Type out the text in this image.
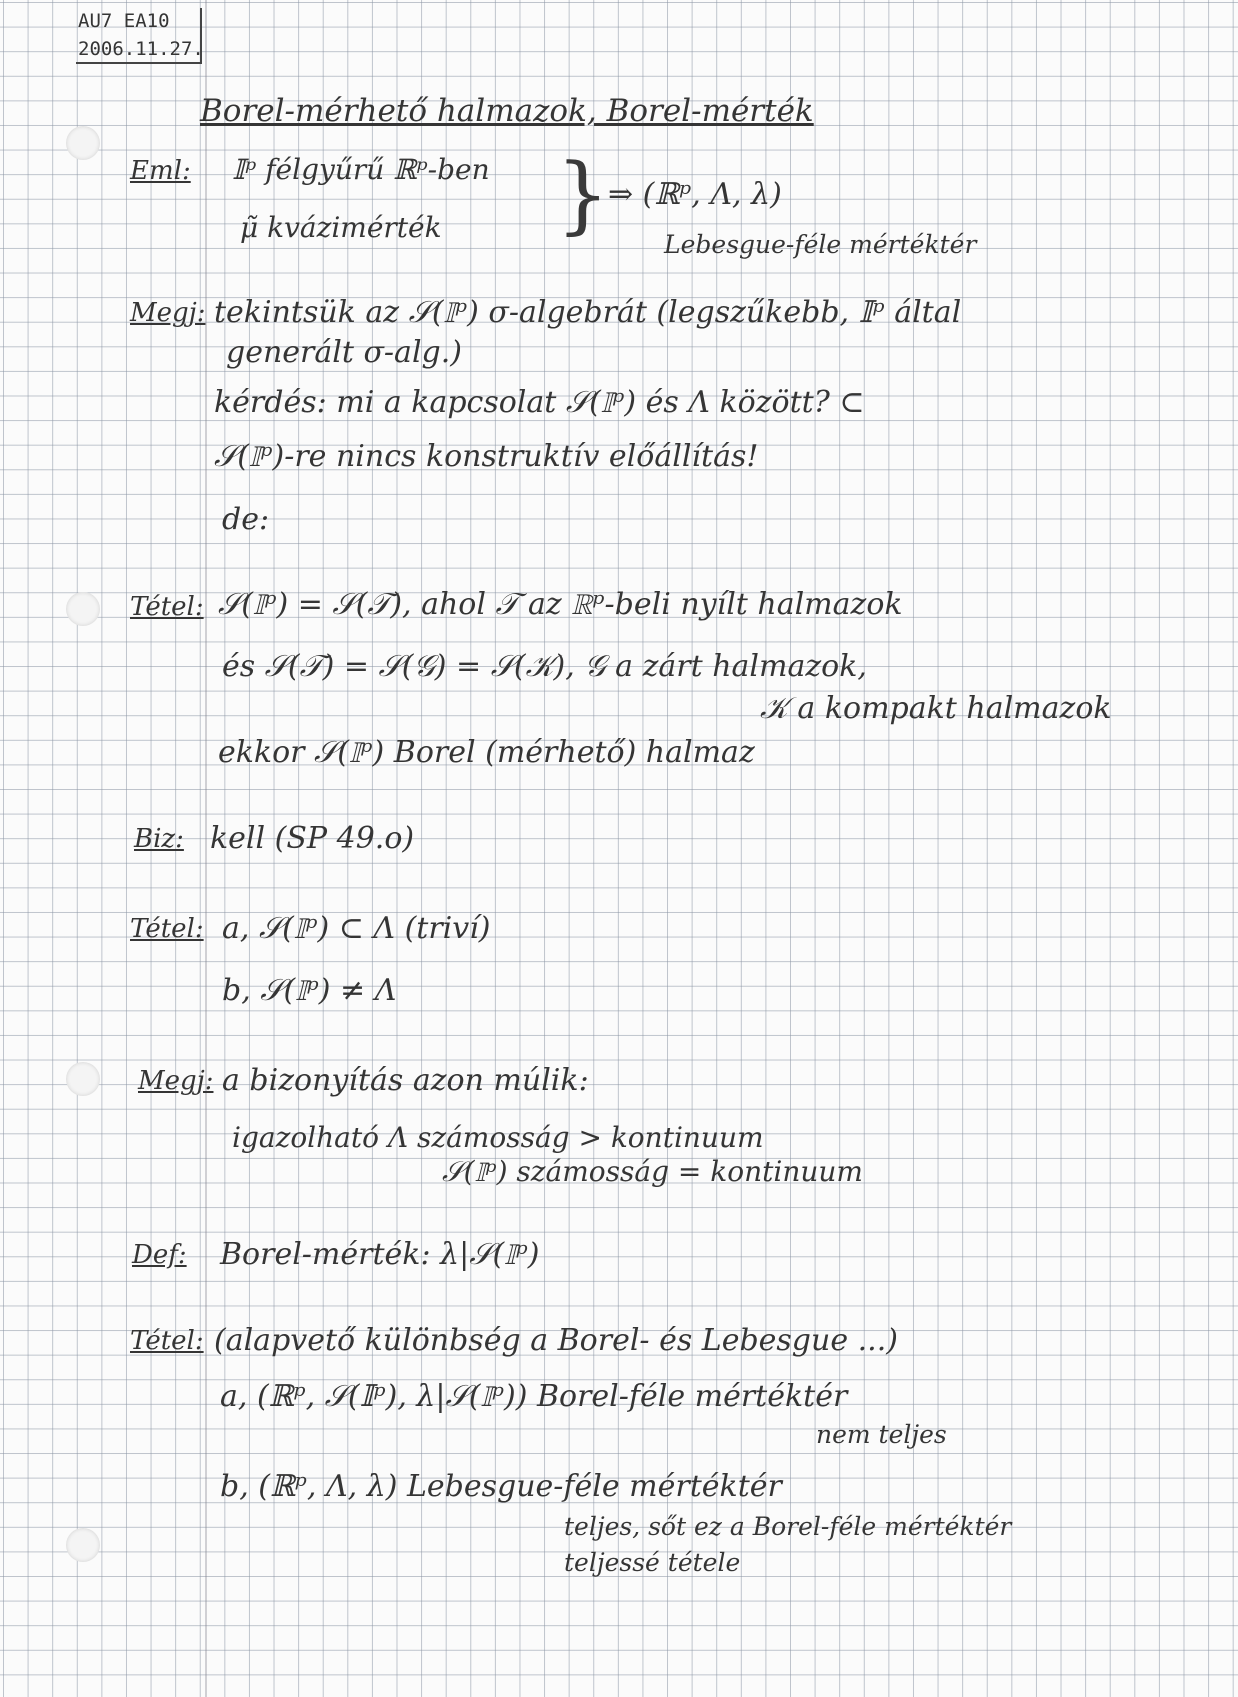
AU7 EA10
2006.11.27.
Borel-mérhető halmazok, Borel-mérték
Eml: 𝕀ᵖ félgyűrű ℝᵖ-ben
μ̃ kvázimérték }
⇒ (ℝᵖ, Λ, λ)
Lebesgue-féle mértéktér
Megj: tekintsük az 𝒮(𝕀ᵖ) σ-algebrát (legszűkebb, 𝕀ᵖ által
generált σ-alg.)
kérdés: mi a kapcsolat 𝒮(𝕀ᵖ) és Λ között? ⊂
𝒮(𝕀ᵖ)-re nincs konstruktív előállítás!
de:
Tétel: 𝒮(𝕀ᵖ) = 𝒮(𝒯), ahol 𝒯 az ℝᵖ-beli nyílt halmazok
és 𝒮(𝒯) = 𝒮(𝒢) = 𝒮(𝒦), 𝒢 a zárt halmazok,
𝒦 a kompakt halmazok
ekkor 𝒮(𝕀ᵖ) Borel (mérhető) halmaz
Biz: kell (SP 49.o)
Tétel: a, 𝒮(𝕀ᵖ) ⊂ Λ (triví)
b, 𝒮(𝕀ᵖ) ≠ Λ
Megj: a bizonyítás azon múlik:
igazolható Λ számosság > kontinuum
𝒮(𝕀ᵖ) számosság = kontinuum
Def: Borel-mérték: λ|𝒮(𝕀ᵖ)
Tétel: (alapvető különbség a Borel- és Lebesgue ...)
a, (ℝᵖ, 𝒮(𝕀ᵖ), λ|𝒮(𝕀ᵖ)) Borel-féle mértéktér
nem teljes
b, (ℝᵖ, Λ, λ) Lebesgue-féle mértéktér
teljes, sőt ez a Borel-féle mértéktér
teljessé tétele
